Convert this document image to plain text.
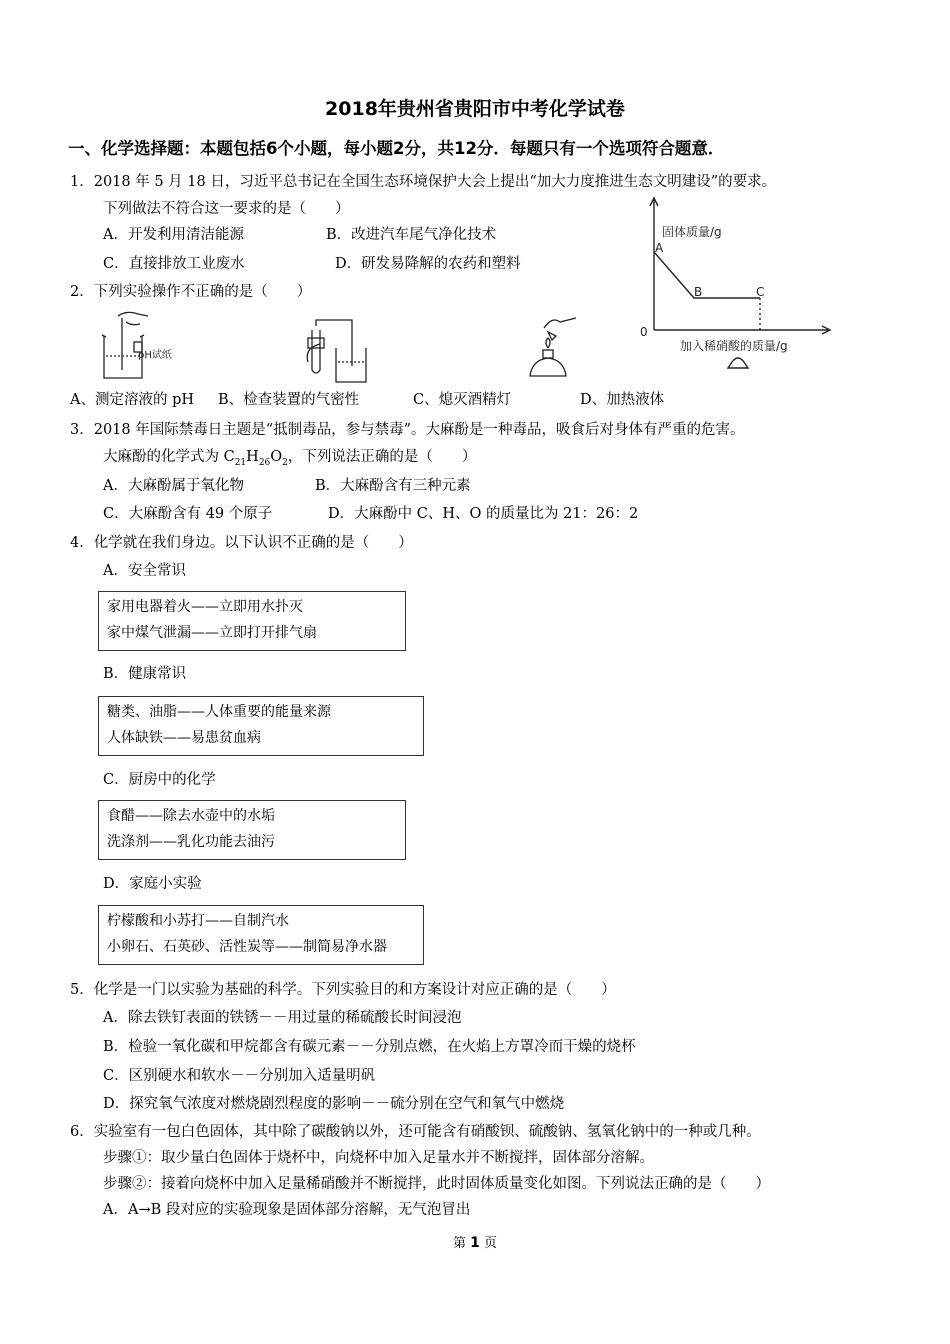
2018年贵州省贵阳市中考化学试卷
一、化学选择题：本题包括6个小题，每小题2分，共12分．每题只有一个选项符合题意．
1．2018 年 5 月 18 日，习近平总书记在全国生态环境保护大会上提出“加大力度推进生态文明建设”的要求。
下列做法不符合这一要求的是（　　）
A．开发利用清洁能源	B．改进汽车尾气净化技术
C．直接排放工业废水	D．研发易降解的农药和塑料
2．下列实验操作不正确的是（　　）
pH试纸
A、测定溶液的 pH B、检查装置的气密性	C、熄灭酒精灯	D、加热液体
固体质量/g
0
A
B	C
加入稀硝酸的质量/g
3．2018 年国际禁毒日主题是“抵制毒品，参与禁毒”。大麻酚是一种毒品，吸食后对身体有严重的危害。
大麻酚的化学式为 $C_{21}H_{26}O_2$，下列说法正确的是（　　）
A．大麻酚属于氧化物	B．大麻酚含有三种元素
C．大麻酚含有 49 个原子	D．大麻酚中 C、H、O 的质量比为 21：26：2
4．化学就在我们身边。以下认识不正确的是（　　）
A．安全常识
家用电器着火——立即用水扑灭
家中煤气泄漏——立即打开排气扇
B．健康常识
糖类、油脂——人体重要的能量来源
人体缺铁——易患贫血病
C．厨房中的化学
食醋——除去水壶中的水垢
洗涤剂——乳化功能去油污
D．家庭小实验
柠檬酸和小苏打——自制汽水
小卵石、石英砂、活性炭等——制简易净水器
5．化学是一门以实验为基础的科学。下列实验目的和方案设计对应正确的是（　　）
A．除去铁钉表面的铁锈－－用过量的稀硫酸长时间浸泡
B．检验一氧化碳和甲烷都含有碳元素－－分别点燃，在火焰上方罩冷而干燥的烧杯
C．区别硬水和软水－－分别加入适量明矾
D．探究氧气浓度对燃烧剧烈程度的影响－－硫分别在空气和氧气中燃烧
6．实验室有一包白色固体，其中除了碳酸钠以外，还可能含有硝酸钡、硫酸钠、氢氧化钠中的一种或几种。
步骤①：取少量白色固体于烧杯中，向烧杯中加入足量水并不断搅拌，固体部分溶解。
步骤②：接着向烧杯中加入足量稀硝酸并不断搅拌，此时固体质量变化如图。下列说法正确的是（　　）
A．A→B 段对应的实验现象是固体部分溶解，无气泡冒出
第 1 页
